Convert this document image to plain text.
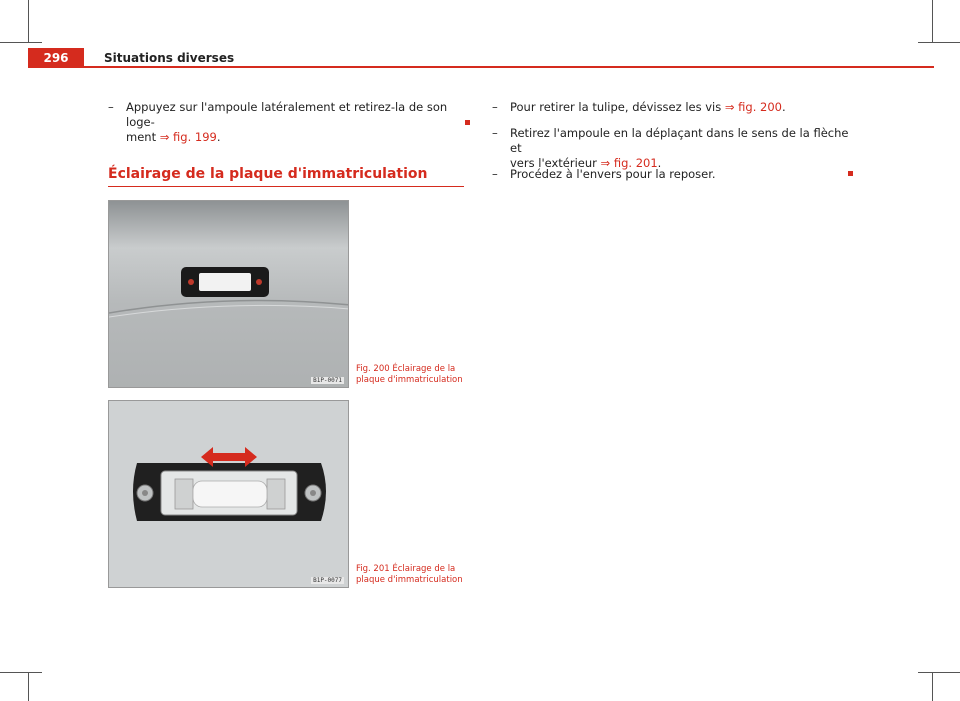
296	Situations diverses
–	Appuyez sur l'ampoule latéralement et retirez-la de son loge-
ment ⇒ fig. 199.
Éclairage de la plaque d'immatriculation
B1P-0071
Fig. 200 Éclairage de la
plaque d'immatriculation
B1P-0077
Fig. 201 Éclairage de la
plaque d'immatriculation
–	Pour retirer la tulipe, dévissez les vis ⇒ fig. 200.
–	Retirez l'ampoule en la déplaçant dans le sens de la flèche et
vers l'extérieur ⇒ fig. 201.
–	Procédez à l'envers pour la reposer.
